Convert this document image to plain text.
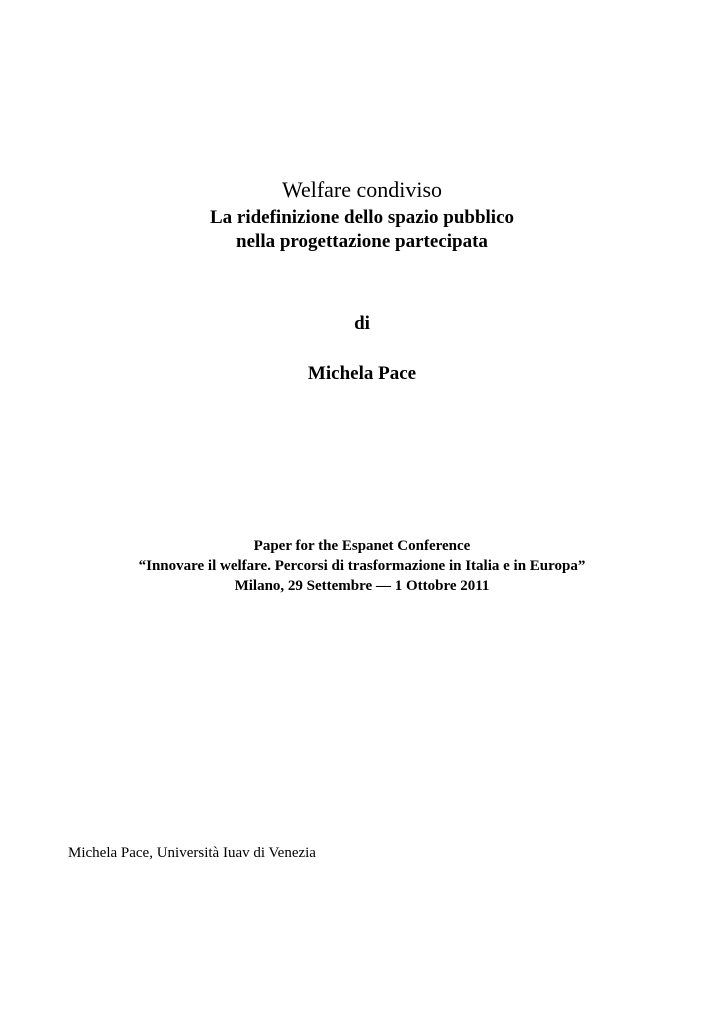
Welfare condiviso
La ridefinizione dello spazio pubblico
nella progettazione partecipata

di

Michela Pace

Paper for the Espanet Conference
“Innovare il welfare. Percorsi di trasformazione in Italia e in Europa”
Milano, 29 Settembre — 1 Ottobre 2011

Michela Pace, Università Iuav di Venezia
